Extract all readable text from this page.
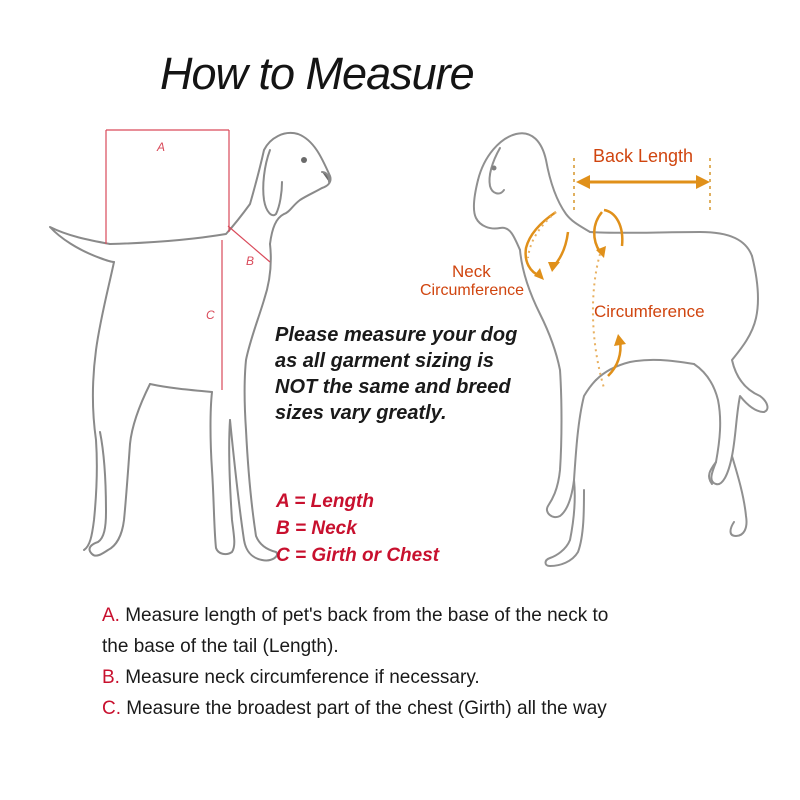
How to Measure
A
B
C
Back Length
Neck
Circumference
Circumference
Please measure your dog
as all garment sizing is
NOT the same and breed
sizes vary greatly.
A = Length
B = Neck
C = Girth or Chest
A. Measure length of pet's back from the base of the neck to
the base of the tail (Length).
B. Measure neck circumference if necessary.
C. Measure the broadest part of the chest (Girth) all the way
